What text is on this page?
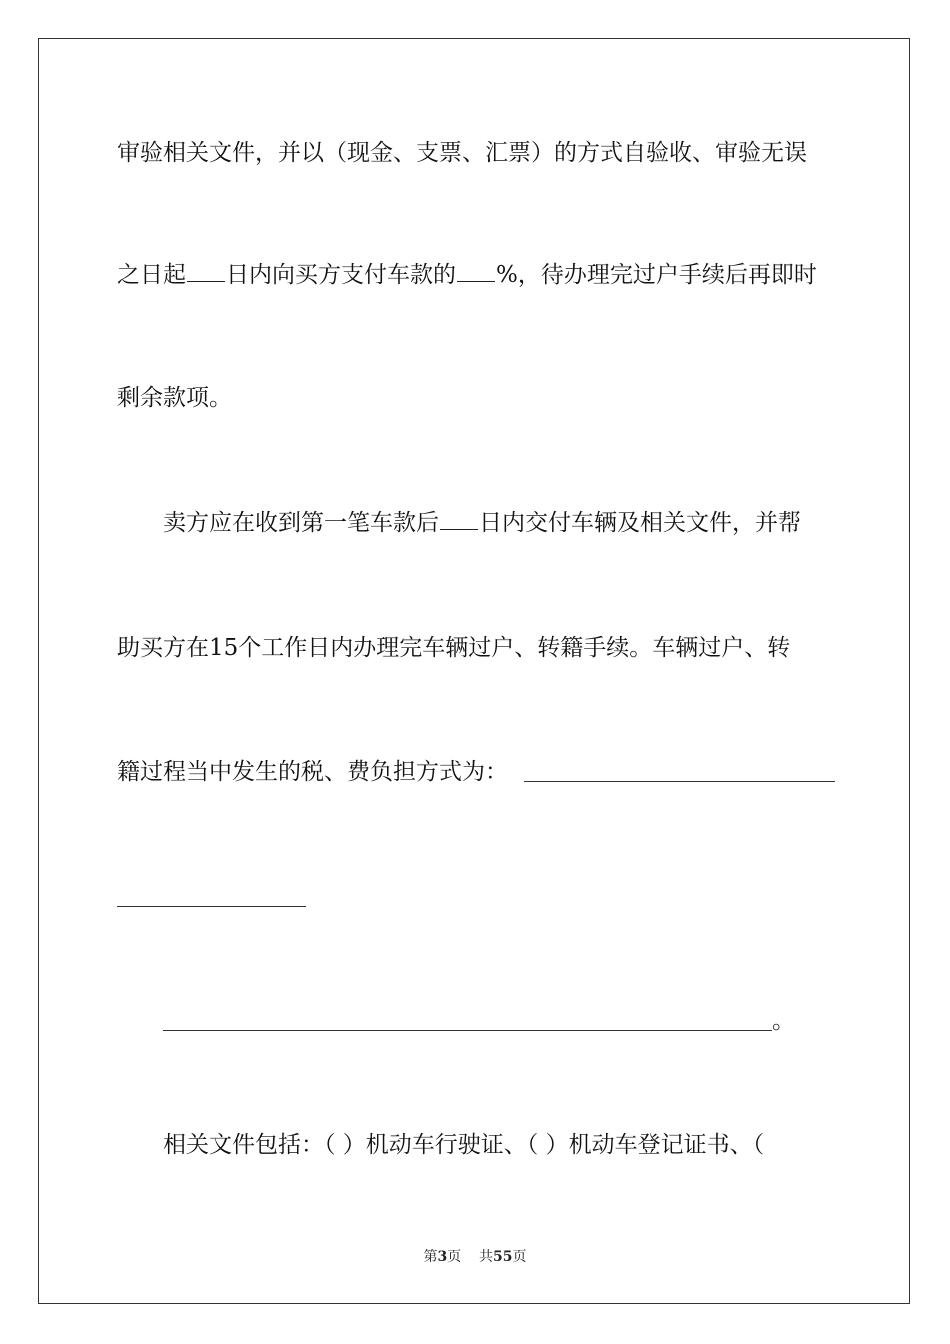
审验相关文件，并以（现金、支票、汇票）的方式自验收、审验无误
之日起 日内向买方支付车款的 %，待办理完过户手续后再即时
剩余款项。
卖方应在收到第一笔车款后 日内交付车辆及相关文件，并帮
助买方在15个工作日内办理完车辆过户、转籍手续。车辆过户、转
籍过程当中发生的税、费负担方式为：
。
相关文件包括：（ ）机动车行驶证、（ ）机动车登记证书、（
第3页 共55页
